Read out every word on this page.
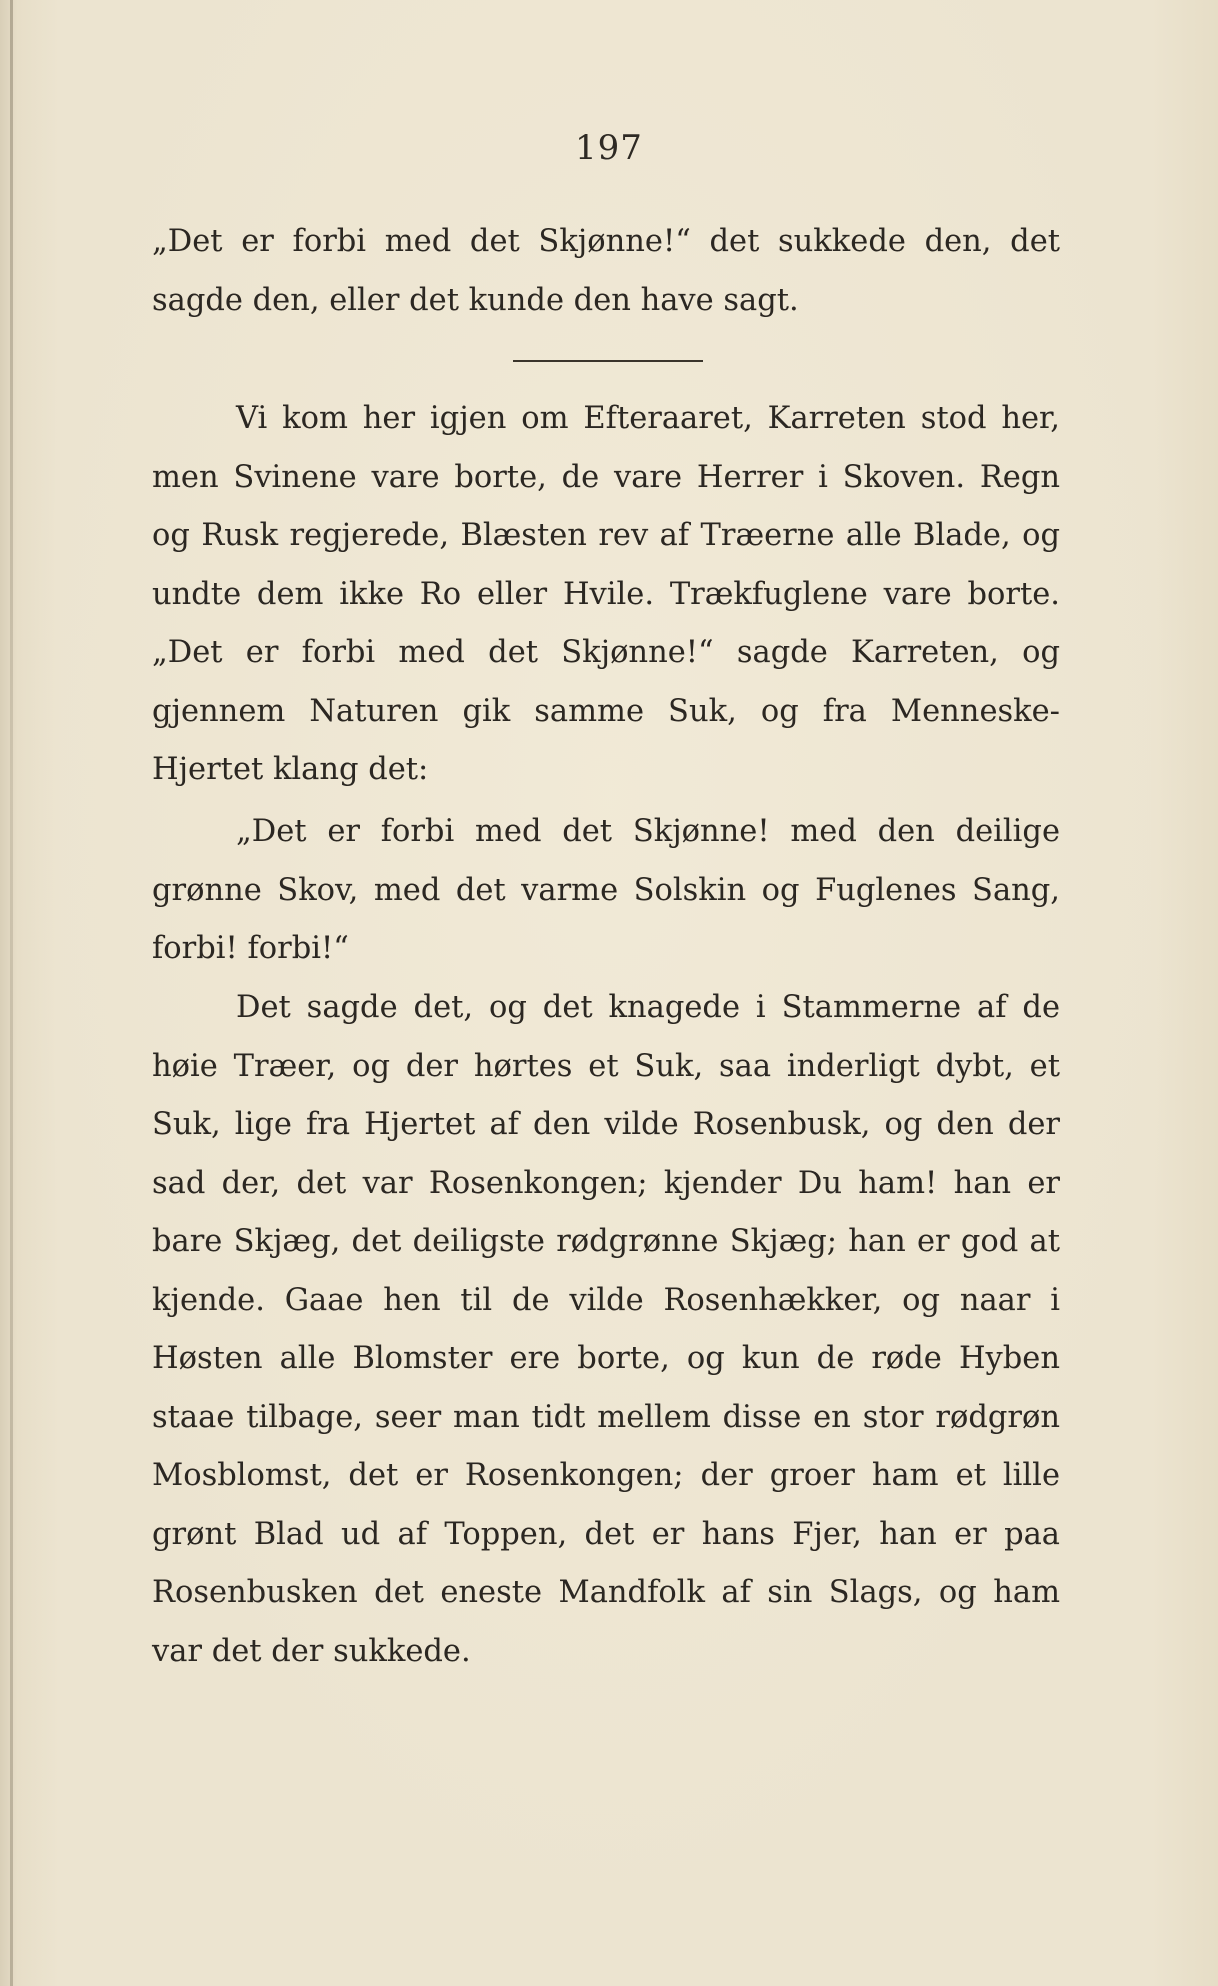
197

„Det er forbi med det Skjønne!“ det sukkede den, det sagde den, eller det kunde den have sagt.

Vi kom her igjen om Efteraaret, Karreten stod her, men Svinene vare borte, de vare Herrer i Skoven. Regn og Rusk regjerede, Blæsten rev af Træerne alle Blade, og undte dem ikke Ro eller Hvile. Trækfuglene vare borte. „Det er forbi med det Skjønne!“ sagde Karreten, og gjennem Naturen gik samme Suk, og fra Menneske-Hjertet klang det:

„Det er forbi med det Skjønne! med den deilige grønne Skov, med det varme Solskin og Fuglenes Sang, forbi! forbi!“

Det sagde det, og det knagede i Stammerne af de høie Træer, og der hørtes et Suk, saa inderligt dybt, et Suk, lige fra Hjertet af den vilde Rosenbusk, og den der sad der, det var Rosenkongen; kjender Du ham! han er bare Skjæg, det deiligste rødgrønne Skjæg; han er god at kjende. Gaae hen til de vilde Rosenhækker, og naar i Høsten alle Blomster ere borte, og kun de røde Hyben staae tilbage, seer man tidt mellem disse en stor rødgrøn Mosblomst, det er Rosenkongen; der groer ham et lille grønt Blad ud af Toppen, det er hans Fjer, han er paa Rosenbusken det eneste Mandfolk af sin Slags, og ham var det der sukkede.
